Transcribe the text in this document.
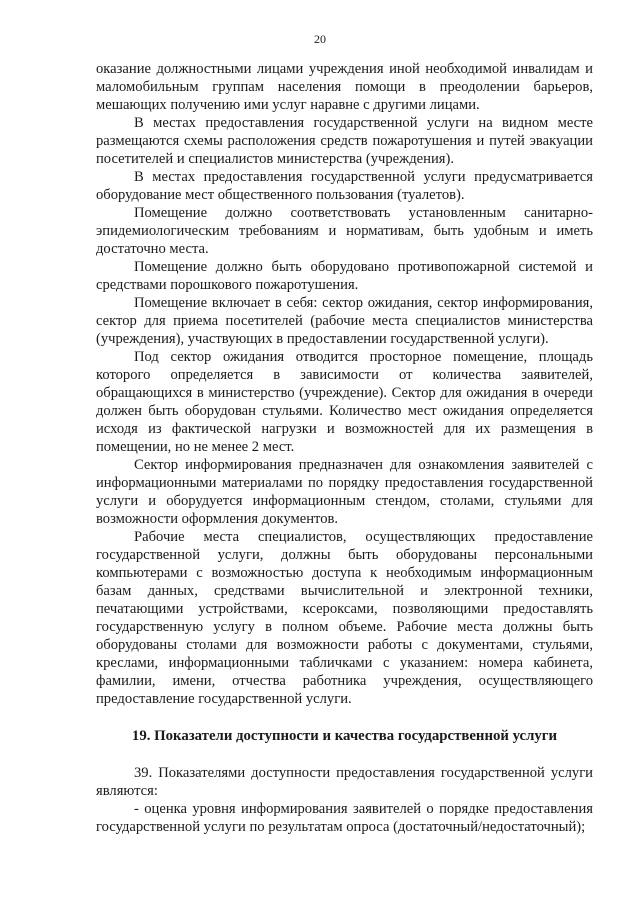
20

оказание должностными лицами учреждения иной необходимой инвалидам и маломобильным группам населения помощи в преодолении барьеров, мешающих получению ими услуг наравне с другими лицами.

В местах предоставления государственной услуги на видном месте размещаются схемы расположения средств пожаротушения и путей эвакуации посетителей и специалистов министерства (учреждения).

В местах предоставления государственной услуги предусматривается оборудование мест общественного пользования (туалетов).

Помещение должно соответствовать установленным санитарно-эпидемиологическим требованиям и нормативам, быть удобным и иметь достаточно места.

Помещение должно быть оборудовано противопожарной системой и средствами порошкового пожаротушения.

Помещение включает в себя: сектор ожидания, сектор информирования, сектор для приема посетителей (рабочие места специалистов министерства (учреждения), участвующих в предоставлении государственной услуги).

Под сектор ожидания отводится просторное помещение, площадь которого определяется в зависимости от количества заявителей, обращающихся в министерство (учреждение). Сектор для ожидания в очереди должен быть оборудован стульями. Количество мест ожидания определяется исходя из фактической нагрузки и возможностей для их размещения в помещении, но не менее 2 мест.

Сектор информирования предназначен для ознакомления заявителей с информационными материалами по порядку предоставления государственной услуги и оборудуется информационным стендом, столами, стульями для возможности оформления документов.

Рабочие места специалистов, осуществляющих предоставление государственной услуги, должны быть оборудованы персональными компьютерами с возможностью доступа к необходимым информационным базам данных, средствами вычислительной и электронной техники, печатающими устройствами, ксероксами, позволяющими предоставлять государственную услугу в полном объеме. Рабочие места должны быть оборудованы столами для возможности работы с документами, стульями, креслами, информационными табличками с указанием: номера кабинета, фамилии, имени, отчества работника учреждения, осуществляющего предоставление государственной услуги.

19. Показатели доступности и качества государственной услуги

39. Показателями доступности предоставления государственной услуги являются:

- оценка уровня информирования заявителей о порядке предоставления государственной услуги по результатам опроса (достаточный/недостаточный);
